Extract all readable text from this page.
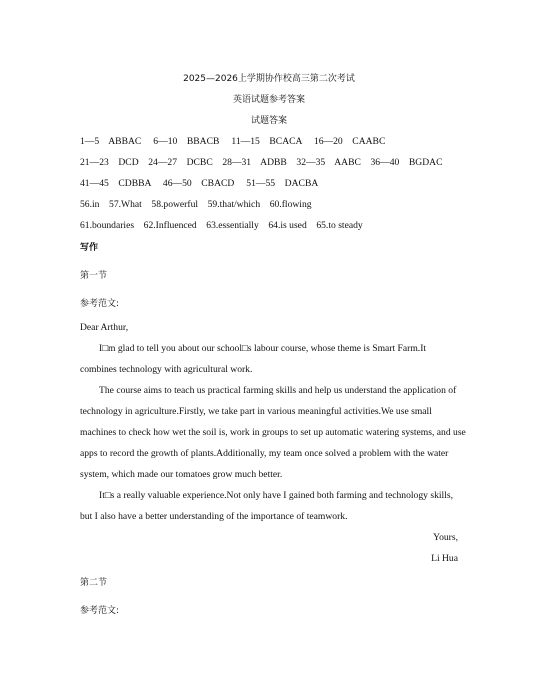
2025—2026上学期协作校高三第二次考试
英语试题参考答案
试题答案
1—5    ABBAC     6—10    BBACB     11—15    BCACA     16—20    CAABC
21—23    DCD    24—27    DCBC    28—31    ADBB    32—35    AABC    36—40    BGDAC
41—45    CDBBA     46—50    CBACD     51—55    DACBA
56.in    57.What    58.powerful    59.that/which    60.flowing
61.boundaries    62.Influenced    63.essentially    64.is used    65.to steady
写作
第一节
参考范文:
Dear Arthur,
I□m glad to tell you about our school□s labour course, whose theme is Smart Farm.It
combines technology with agricultural work.
The course aims to teach us practical farming skills and help us understand the application of
technology in agriculture.Firstly, we take part in various meaningful activities.We use small
machines to check how wet the soil is, work in groups to set up automatic watering systems, and use
apps to record the growth of plants.Additionally, my team once solved a problem with the water
system, which made our tomatoes grow much better.
It□s a really valuable experience.Not only have I gained both farming and technology skills,
but I also have a better understanding of the importance of teamwork.
Yours,
Li Hua
第二节
参考范文:
